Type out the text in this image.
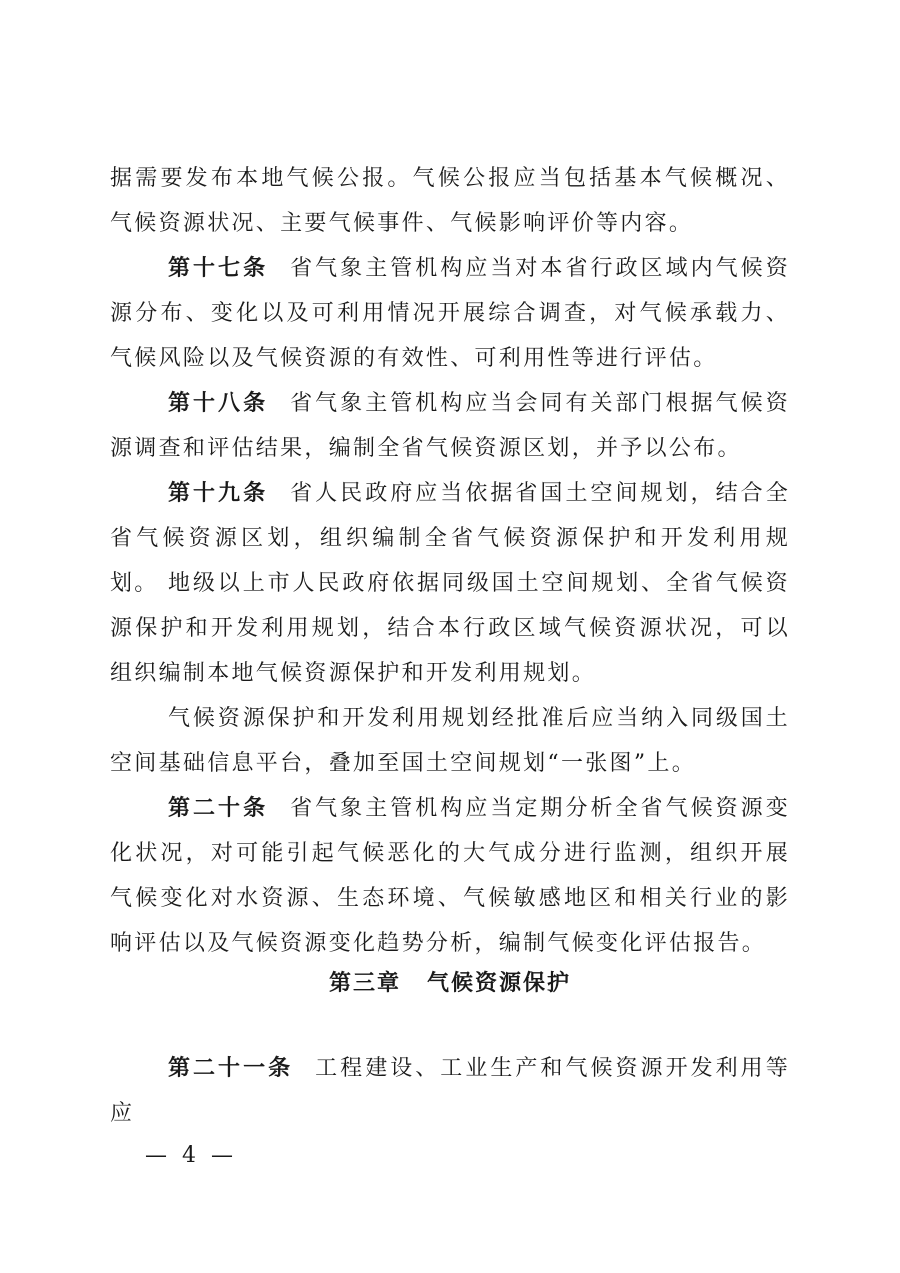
据需要发布本地气候公报。气候公报应当包括基本气候概况、气候资源状况、主要气候事件、气候影响评价等内容。

第十七条 省气象主管机构应当对本省行政区域内气候资源分布、变化以及可利用情况开展综合调查，对气候承载力、气候风险以及气候资源的有效性、可利用性等进行评估。

第十八条 省气象主管机构应当会同有关部门根据气候资源调查和评估结果，编制全省气候资源区划，并予以公布。

第十九条 省人民政府应当依据省国土空间规划，结合全省气候资源区划，组织编制全省气候资源保护和开发利用规划。 地级以上市人民政府依据同级国土空间规划、全省气候资源保护和开发利用规划，结合本行政区域气候资源状况，可以组织编制本地气候资源保护和开发利用规划。

气候资源保护和开发利用规划经批准后应当纳入同级国土空间基础信息平台，叠加至国土空间规划“一张图”上。

第二十条 省气象主管机构应当定期分析全省气候资源变化状况，对可能引起气候恶化的大气成分进行监测，组织开展气候变化对水资源、生态环境、气候敏感地区和相关行业的影响评估以及气候资源变化趋势分析，编制气候变化评估报告。

第三章 气候资源保护

第二十一条 工程建设、工业生产和气候资源开发利用等应

— 4 —
